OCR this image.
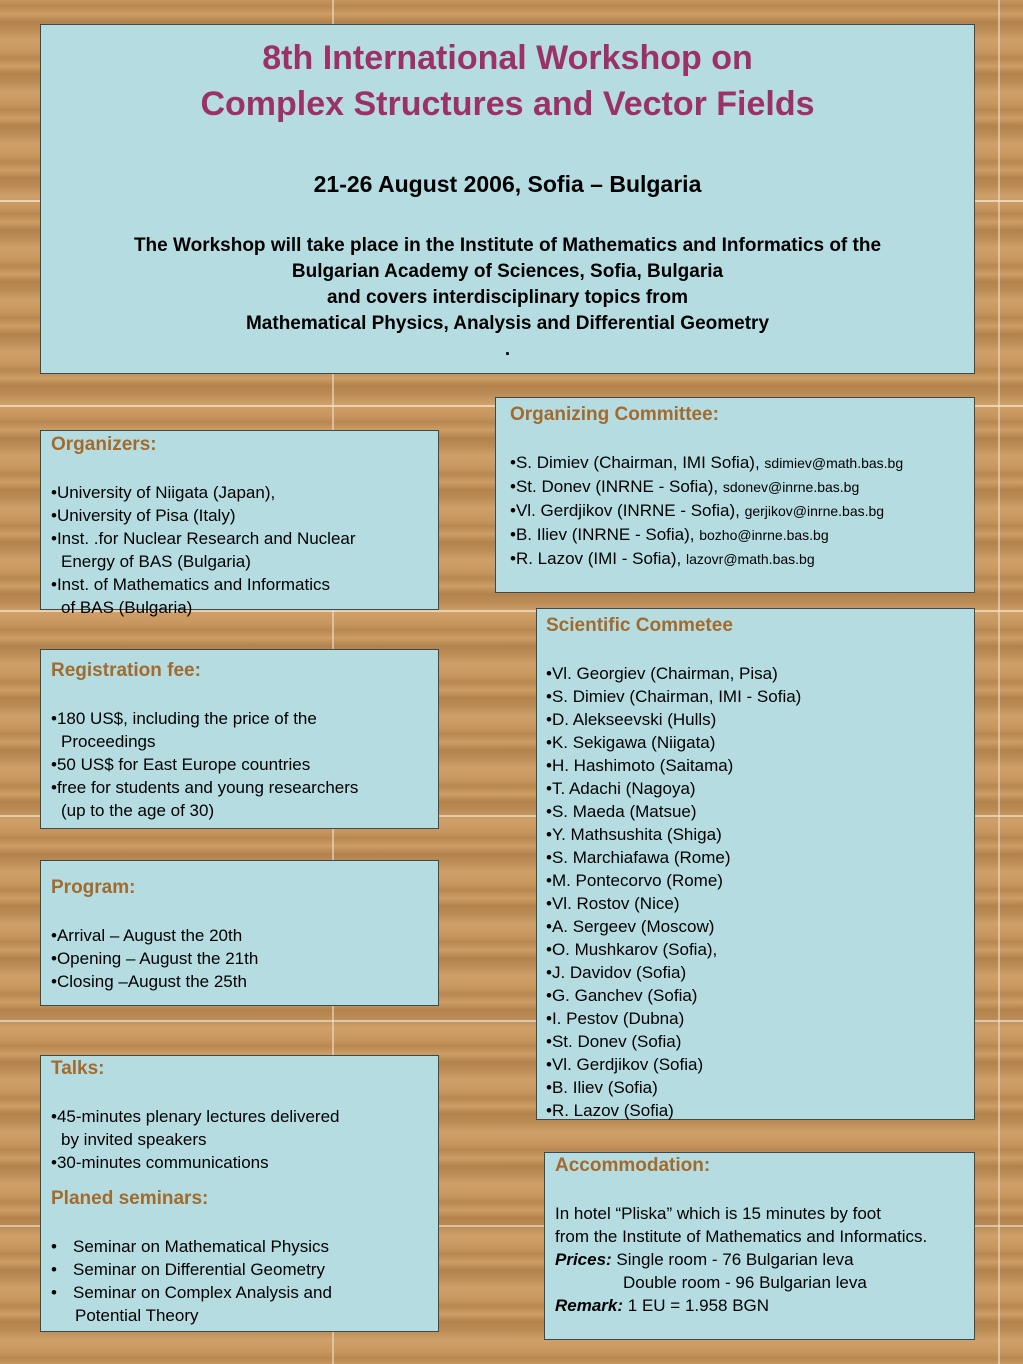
8th International Workshop on
Complex Structures and Vector Fields
21-26 August 2006, Sofia – Bulgaria
The Workshop will take place in the Institute of Mathematics and Informatics of the
Bulgarian Academy of Sciences, Sofia, Bulgaria
and covers interdisciplinary topics from
Mathematical Physics, Analysis and Differential Geometry
.
Organizers:
•University of Niigata (Japan),
•University of Pisa (Italy)
•Inst. .for Nuclear Research and Nuclear
Energy of BAS (Bulgaria)
•Inst. of Mathematics and Informatics
of BAS (Bulgaria)
Organizing Committee:
•S. Dimiev (Chairman, IMI Sofia), sdimiev@math.bas.bg
•St. Donev (INRNE - Sofia), sdonev@inrne.bas.bg
•Vl. Gerdjikov (INRNE - Sofia), gerjikov@inrne.bas.bg
•B. Iliev (INRNE - Sofia), bozho@inrne.bas.bg
•R. Lazov (IMI - Sofia), lazovr@math.bas.bg
Registration fee:
•180 US$, including the price of the
Proceedings
•50 US$ for East Europe countries
•free for students and young researchers
(up to the age of 30)
Scientific Commetee
•Vl. Georgiev (Chairman, Pisa)
•S. Dimiev (Chairman, IMI - Sofia)
•D. Alekseevski (Hulls)
•K. Sekigawa (Niigata)
•H. Hashimoto (Saitama)
•T. Adachi (Nagoya)
•S. Maeda (Matsue)
•Y. Mathsushita (Shiga)
•S. Marchiafawa (Rome)
•M. Pontecorvo (Rome)
•Vl. Rostov (Nice)
•A. Sergeev (Moscow)
•O. Mushkarov (Sofia),
•J. Davidov (Sofia)
•G. Ganchev (Sofia)
•I. Pestov (Dubna)
•St. Donev (Sofia)
•Vl. Gerdjikov (Sofia)
•B. Iliev (Sofia)
•R. Lazov (Sofia)
Program:
•Arrival – August the 20th
•Opening – August the 21th
•Closing –August the 25th
Talks:
•45-minutes plenary lectures delivered
by invited speakers
•30-minutes communications
Planed seminars:
• Seminar on Mathematical Physics
• Seminar on Differential Geometry
• Seminar on Complex Analysis and
Potential Theory
Accommodation:
In hotel “Pliska” which is 15 minutes by foot
from the Institute of Mathematics and Informatics.
Prices: Single room - 76 Bulgarian leva
Double room - 96 Bulgarian leva
Remark: 1 EU = 1.958 BGN
